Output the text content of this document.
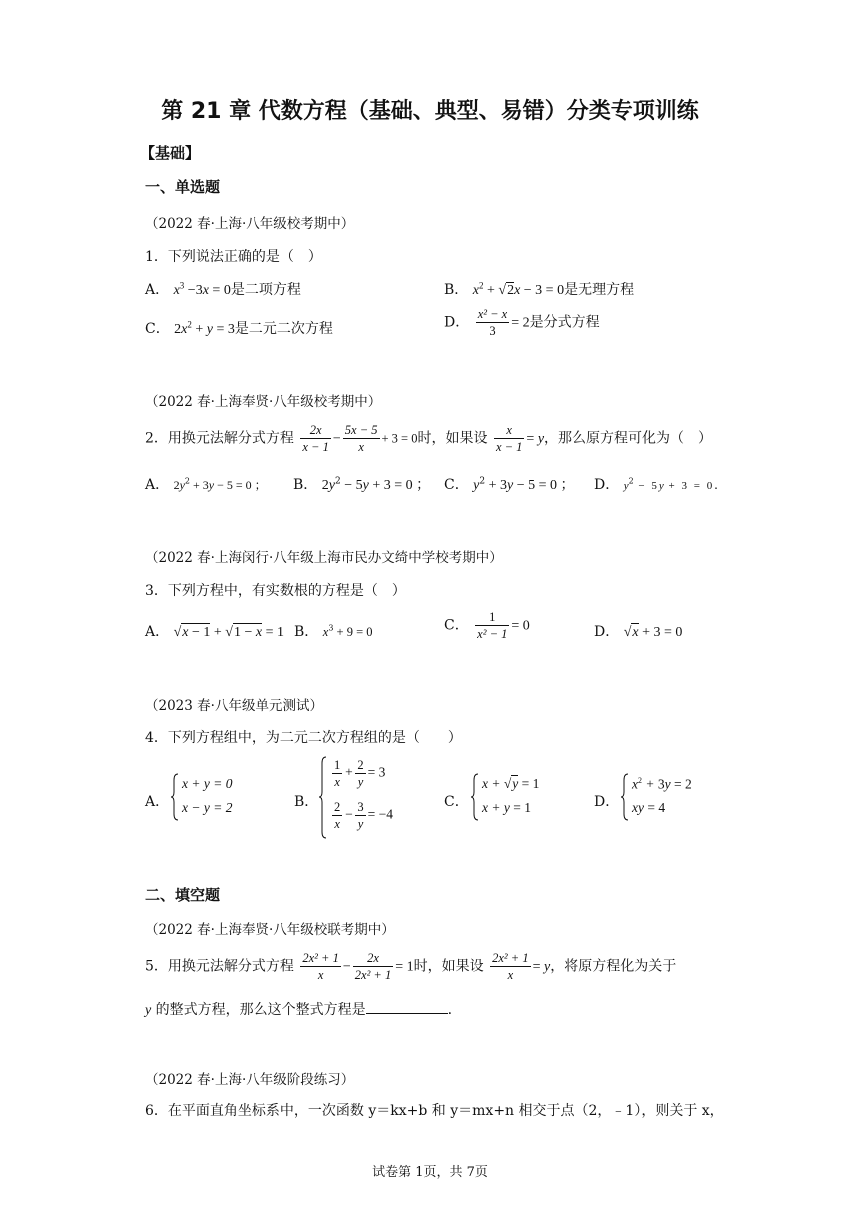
第 21 章 代数方程（基础、典型、易错）分类专项训练
【基础】
一、单选题
（2022 春·上海·八年级校考期中）
1．下列说法正确的是（　）
A． $x^3 -3x = 0$是二项方程	B． $x^2 + √2x - 3 = 0$是无理方程
C． $2x^2 + y = 3$是二元二次方程	D． $\frac{\text{x² − x}}{3} = 2$是分式方程
（2022 春·上海奉贤·八年级校考期中）
2．用换元法解分式方程 $\frac{2x}{x - 1} - \frac{5x - 5}{x} + 3 = 0$时，如果设 $\frac{x}{x - 1} = y$，那么原方程可化为（　）
A． $2y^2 + 3y - 5 = 0$ ； B． $2y^2 - 5y + 3 = 0$ ； C． $y^2 + 3y - 5 = 0$ ； D． $y^2 - 5y + 3 = 0$.
（2022 春·上海闵行·八年级上海市民办文绮中学校考期中）
3．下列方程中，有实数根的方程是（　）
A． √x − 1 + √1 − x = 1 B． $x^3 + 9 = 0$	C． $\frac{1}{\text{x² − 1}} = 0$	D． √x + 3 = 0
（2023 春·八年级单元测试）
4．下列方程组中，为二元二次方程组的是（　　）
A．
x + y = 0
x − y = 2	B．
$\frac{1}{x} + \frac{2}{y} = 3$
$\frac{2}{x} - \frac{3}{y} = -4$
C．
x + √y = 1
x + y = 1	D．
$x^2 + 3y = 2$
xy = 4
二、填空题
（2022 春·上海奉贤·八年级校联考期中）
5．用换元法解分式方程 $\frac{\text{2x² + 1}}{x} - \frac{2x}{\text{2x² + 1}} = 1$时，如果设 $\frac{\text{2x² + 1}}{x} = y$，将原方程化为关于
y 的整式方程，那么这个整式方程是	.
（2022 春·上海·八年级阶段练习）
6．在平面直角坐标系中，一次函数 y＝kx+b 和 y＝mx+n 相交于点（2，﹣1），则关于 x，
试卷第 1页，共 7页
